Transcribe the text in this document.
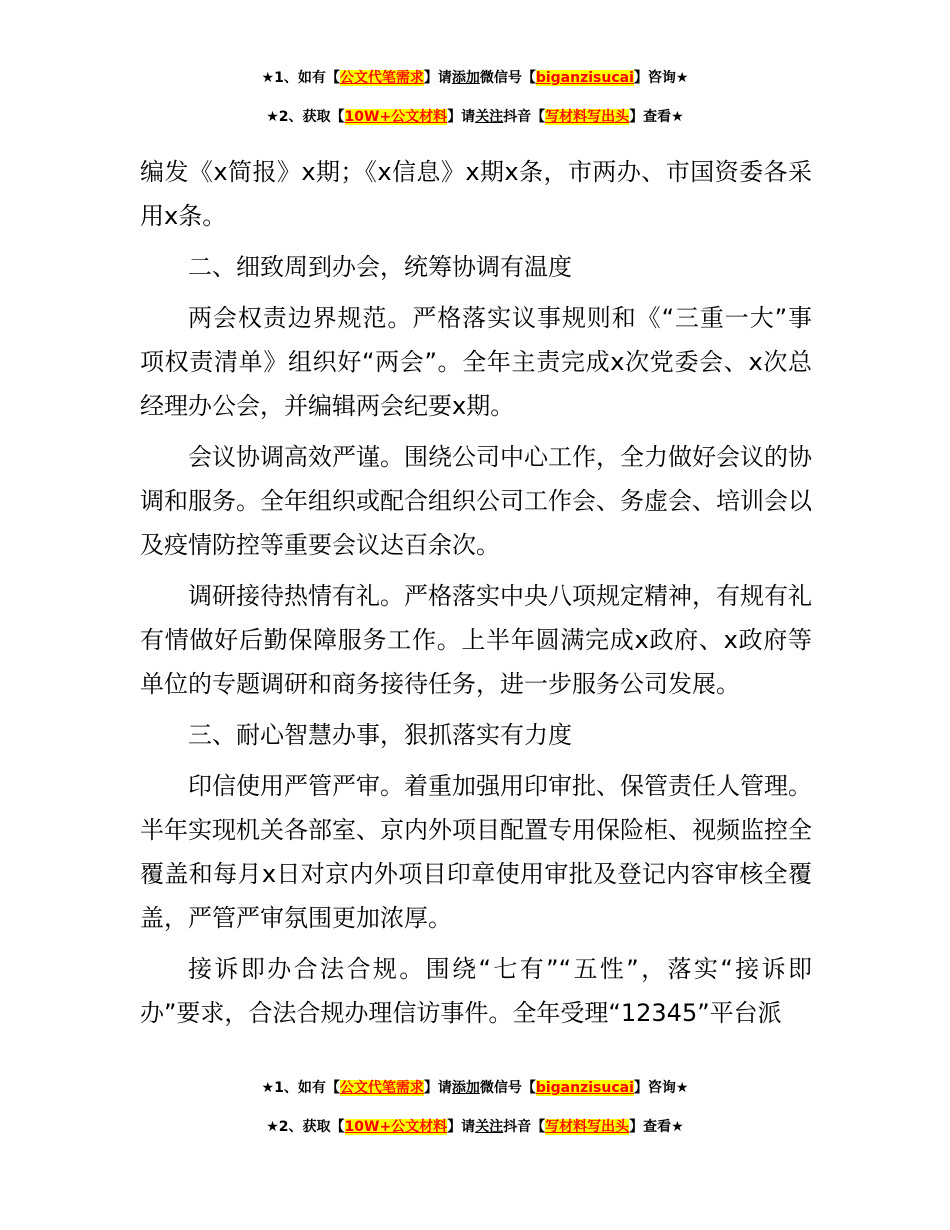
★1、如有【公文代笔需求】请添加微信号【biganzisucai】咨询★
★2、获取【10W+公文材料】请关注抖音【写材料写出头】查看★

编发《x简报》x期；《x信息》x期x条，市两办、市国资委各采用x条。

二、细致周到办会，统筹协调有温度

两会权责边界规范。严格落实议事规则和《“三重一大”事项权责清单》组织好“两会”。全年主责完成x次党委会、x次总经理办公会，并编辑两会纪要x期。

会议协调高效严谨。围绕公司中心工作，全力做好会议的协调和服务。全年组织或配合组织公司工作会、务虚会、培训会以及疫情防控等重要会议达百余次。

调研接待热情有礼。严格落实中央八项规定精神，有规有礼有情做好后勤保障服务工作。上半年圆满完成x政府、x政府等单位的专题调研和商务接待任务，进一步服务公司发展。

三、耐心智慧办事，狠抓落实有力度

印信使用严管严审。着重加强用印审批、保管责任人管理。半年实现机关各部室、京内外项目配置专用保险柜、视频监控全覆盖和每月x日对京内外项目印章使用审批及登记内容审核全覆盖，严管严审氛围更加浓厚。

接诉即办合法合规。围绕“七有”“五性”，落实“接诉即办”要求，合法合规办理信访事件。全年受理“12345”平台派

★1、如有【公文代笔需求】请添加微信号【biganzisucai】咨询★
★2、获取【10W+公文材料】请关注抖音【写材料写出头】查看★
